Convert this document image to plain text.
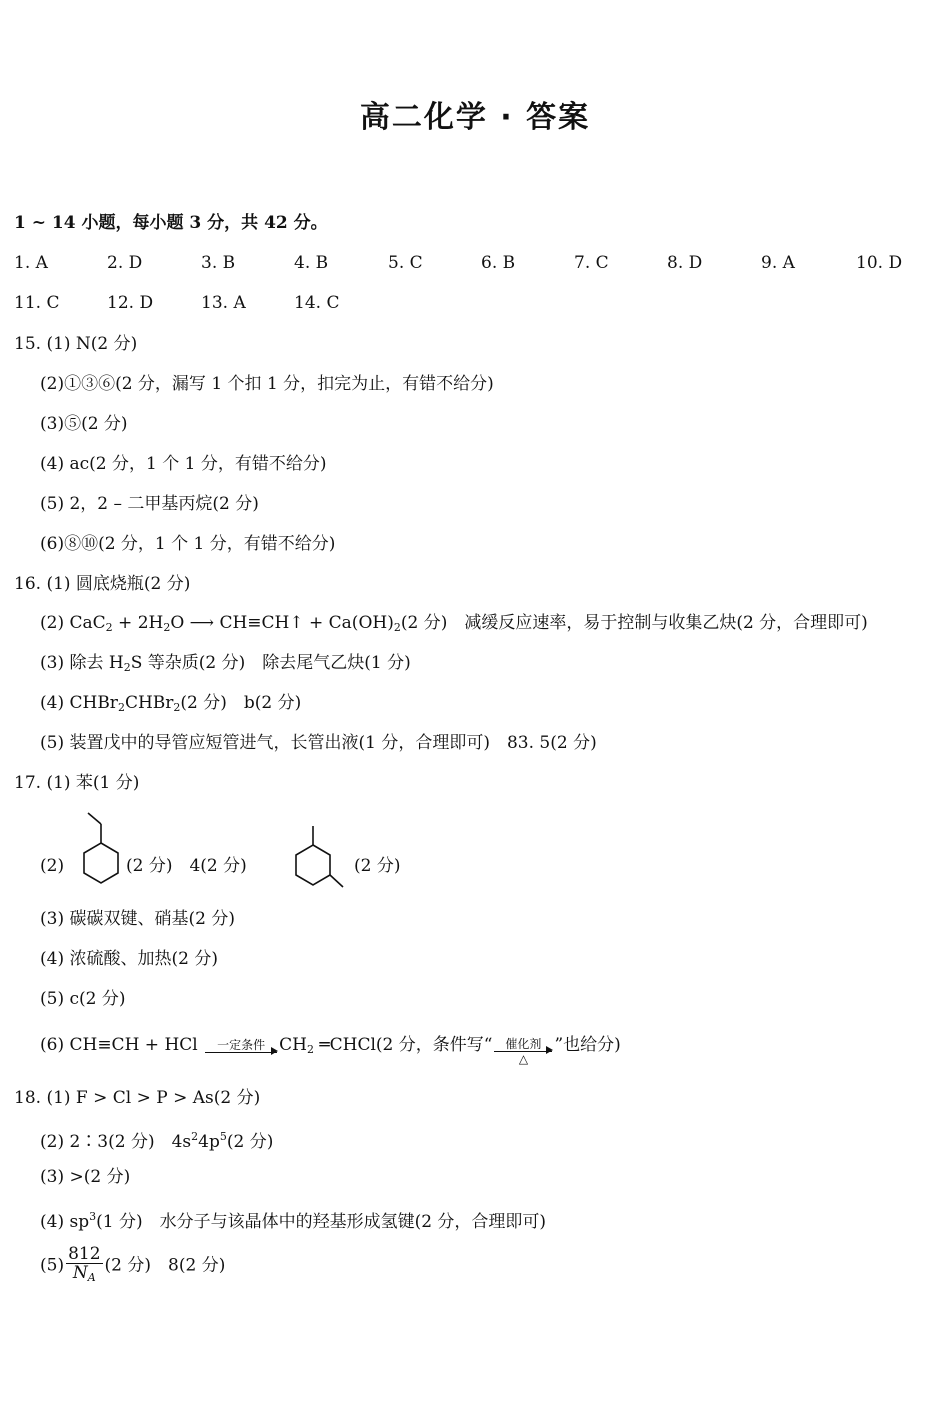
高二化学 · 答案
1 ~ 14 小题，每小题 3 分，共 42 分。
1. A	2. D	3. B	4. B	5. C	6. B	7. C	8. D	9. A	10. D
11. C	12. D	13. A	14. C
15. (1) N(2 分)
(2)①③⑥(2 分，漏写 1 个扣 1 分，扣完为止，有错不给分)
(3)⑤(2 分)
(4) ac(2 分，1 个 1 分，有错不给分)
(5) 2，2 – 二甲基丙烷(2 分)
(6)⑧⑩(2 分，1 个 1 分，有错不给分)
16. (1) 圆底烧瓶(2 分)
(2) $CaC_2 + 2H_2O$ ⟶ CH≡CH↑ + $Ca(OH)_2(2$ 分)　减缓反应速率，易于控制与收集乙炔(2 分，合理即可)
(3) 除去 $H_2S$ 等杂质(2 分)　除去尾气乙炔(1 分)
(4) CHBr$_2$CHBr$_2$(2 分)　b(2 分)
(5) 装置戊中的导管应短管进气，长管出液(1 分，合理即可)　83. 5(2 分)
17. (1) 苯(1 分)
(2)	(2 分)　4(2 分)	(2 分)
(3) 碳碳双键、硝基(2 分)
(4) 浓硫酸、加热(2 分)
(5) c(2 分)
(6) CH≡CH + HCl	一定条件 $CH_2$ ═CHCl(2 分，条件写“	催化剂
△
”也给分)
18. (1) F > Cl > P > As(2 分)
(2) 2∶3(2 分)　$4s^24p^5(2$ 分)
(3) >(2 分)
(4) $sp^3(1$ 分)　水分子与该晶体中的羟基形成氢键(2 分，合理即可)
$(5) \frac{812}{N_A} (2$ 分)　8(2 分)
